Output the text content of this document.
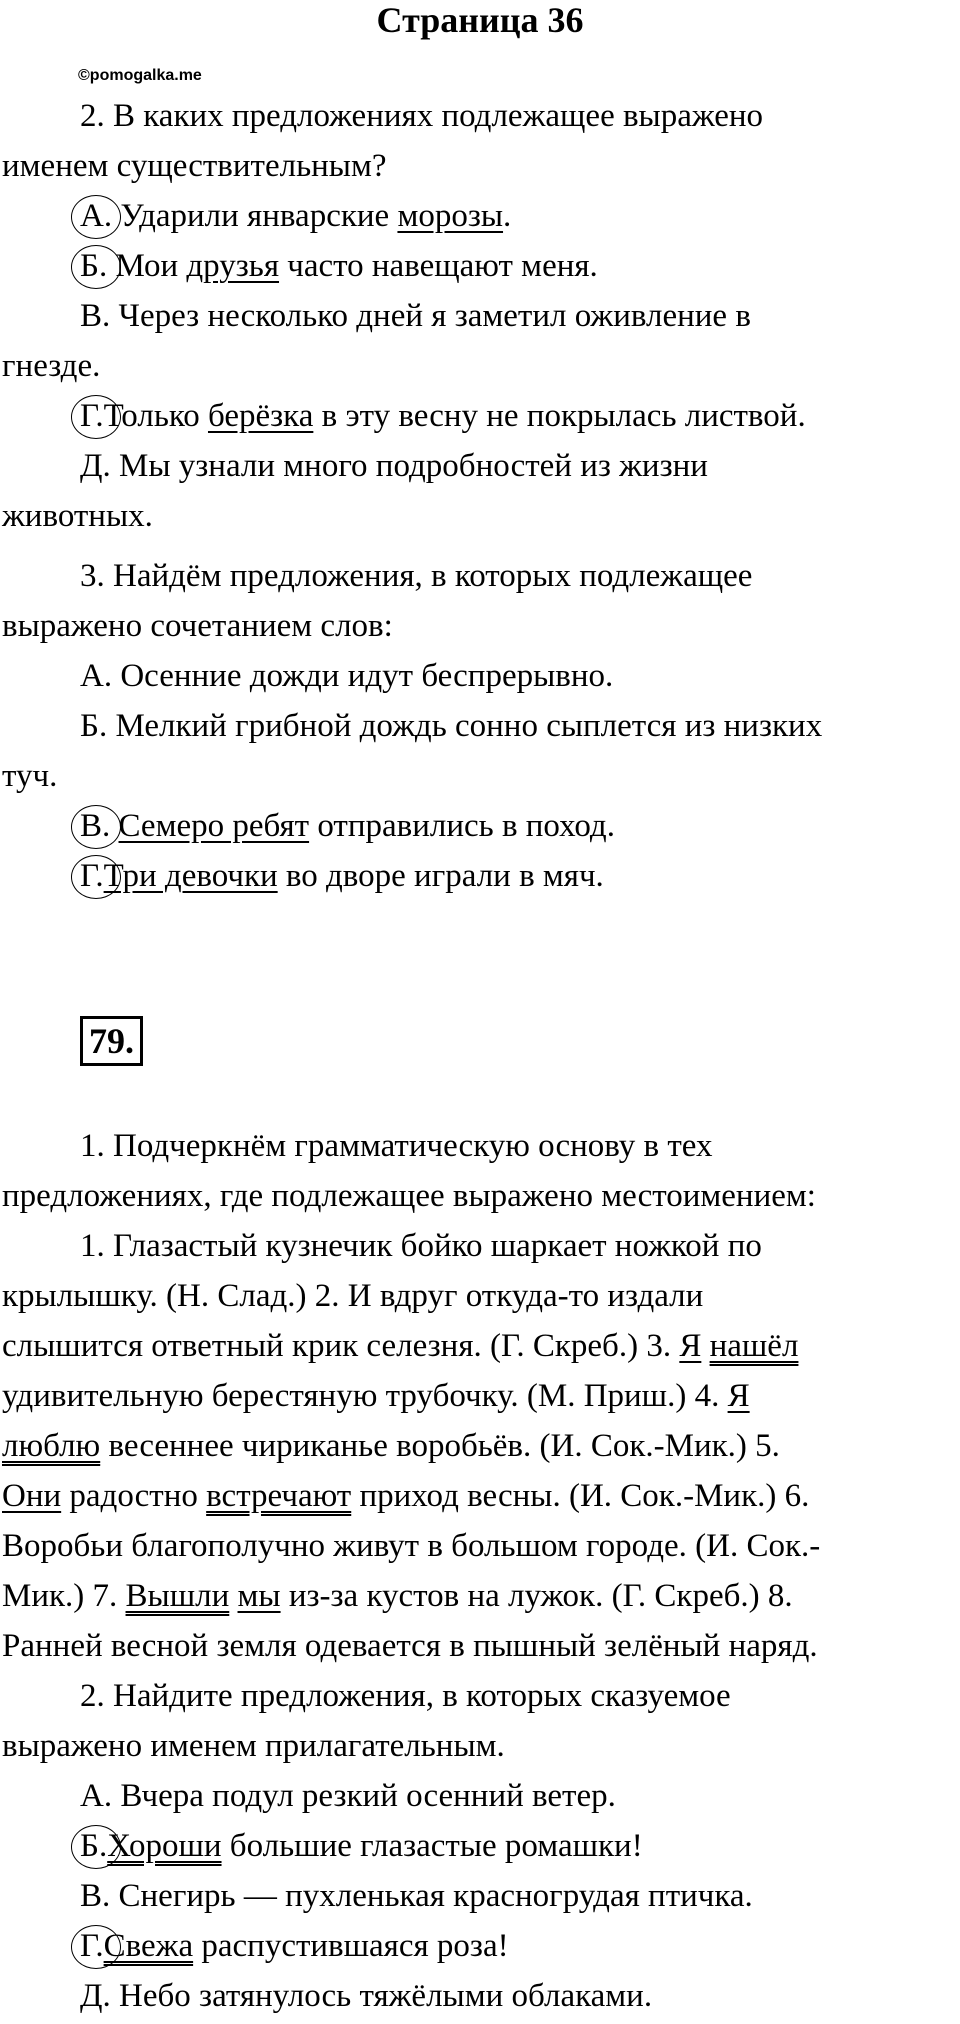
Страница 36
©pomogalka.me
2. В каких предложениях подлежащее выражено
именем существительным?
А.
Ударили январские морозы.
Б.
Мои друзья часто навещают меня.
В. Через несколько дней я заметил оживление в
гнезде.
Г.
Только берёзка в эту весну не покрылась листвой.
Д. Мы узнали много подробностей из жизни
животных.
3. Найдём предложения, в которых подлежащее
выражено сочетанием слов:
А. Осенние дожди идут беспрерывно.
Б. Мелкий грибной дождь сонно сыплется из низких
туч.
В. Семеро ребят отправились в поход.
Г.
Три девочки во дворе играли в мяч.
79.
1. Подчеркнём грамматическую основу в тех
предложениях, где подлежащее выражено местоимением:
1. Глазастый кузнечик бойко шаркает ножкой по
крылышку. (Н. Слад.) 2. И вдруг откуда-то издали
слышится ответный крик селезня. (Г. Скреб.) 3. Я нашёл
удивительную берестяную трубочку. (М. Приш.) 4. Я
люблю весеннее чириканье воробьёв. (И. Сок.-Мик.) 5.
Они радостно встречают приход весны. (И. Сок.-Мик.) 6.
Воробьи благополучно живут в большом городе. (И. Сок.-
Мик.) 7. Вышли мы из-за кустов на лужок. (Г. Скреб.) 8.
Ранней весной земля одевается в пышный зелёный наряд.
2. Найдите предложения, в которых сказуемое
выражено именем прилагательным.
А. Вчера подул резкий осенний ветер.
Б.
Хороши большие глазастые ромашки!
В. Снегирь — пухленькая красногрудая птичка.
Г.
Свежа распустившаяся роза!
Д. Небо затянулось тяжёлыми облаками.
